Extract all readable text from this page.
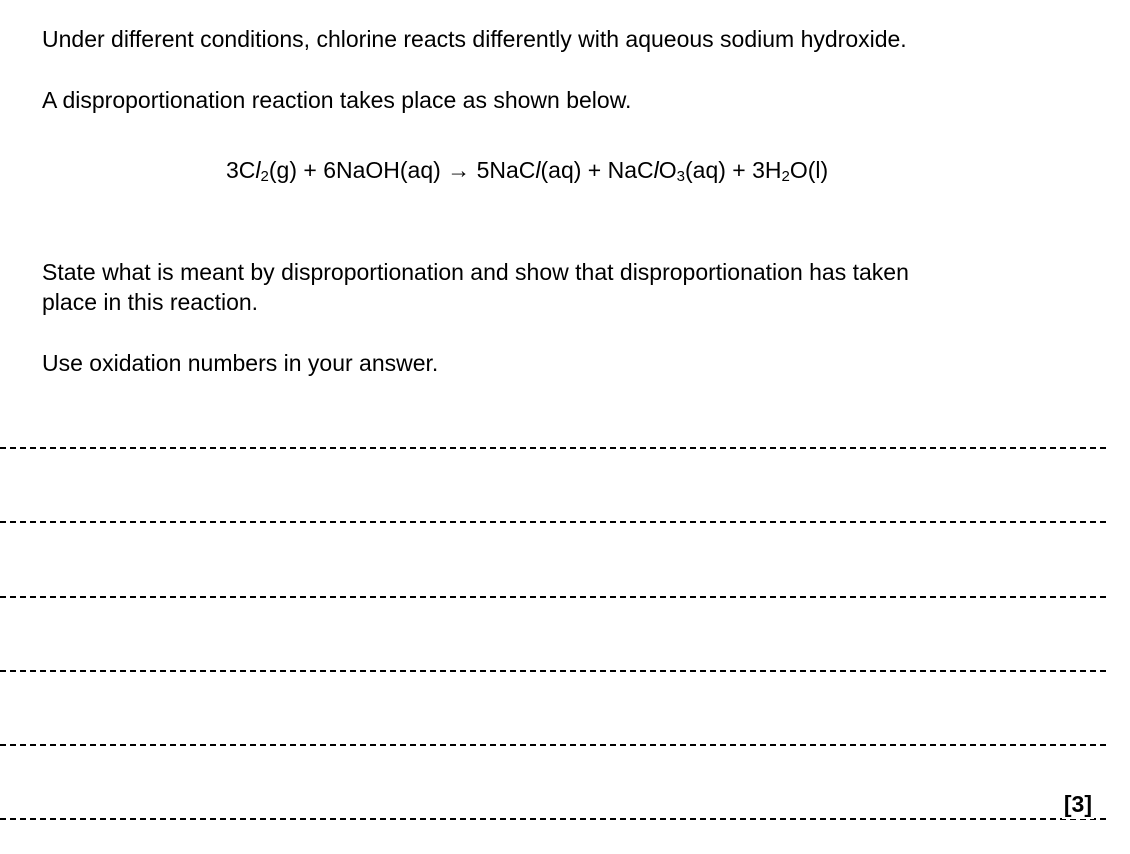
Under different conditions, chlorine reacts differently with aqueous sodium hydroxide.
A disproportionation reaction takes place as shown below.
$3Cl_2(g)$ + 6NaOH(aq) → 5NaCl(aq) + NaClO$_3$(aq) + $3H_2O(l)$
State what is meant by disproportionation and show that disproportionation has taken
place in this reaction.
Use oxidation numbers in your answer.
[3]
